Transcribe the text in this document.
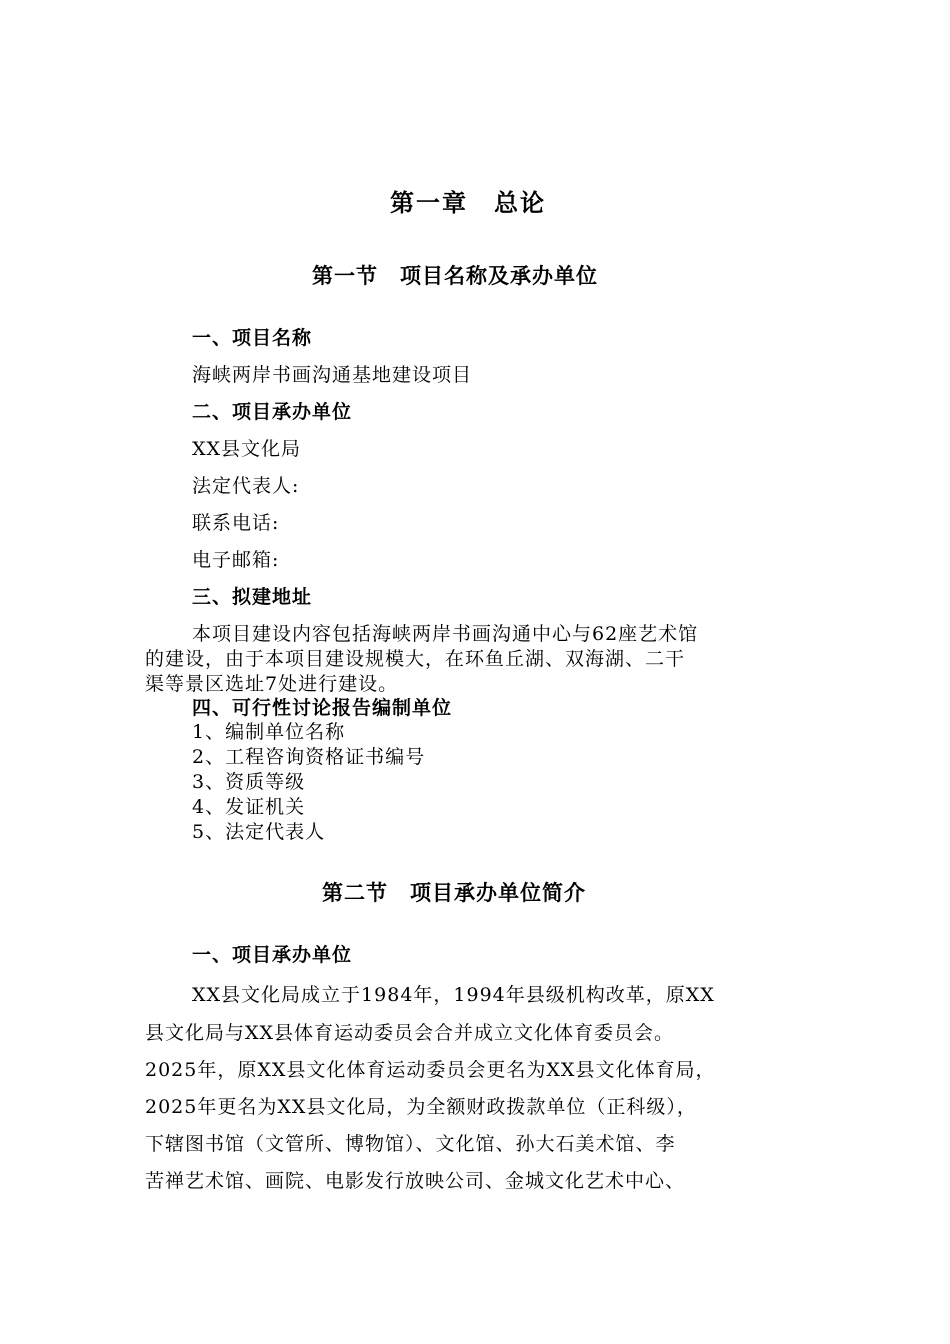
第一章　总论
第一节　项目名称及承办单位
一、项目名称
海峡两岸书画沟通基地建设项目
二、项目承办单位
XX县文化局
法定代表人:
联系电话:
电子邮箱:
三、拟建地址
本项目建设内容包括海峡两岸书画沟通中心与62座艺术馆
的建设，由于本项目建设规模大，在环鱼丘湖、双海湖、二干
渠等景区选址7处进行建设。
四、可行性讨论报告编制单位
1、编制单位名称
2、工程咨询资格证书编号
3、资质等级
4、发证机关
5、法定代表人
第二节　项目承办单位简介
一、项目承办单位
XX县文化局成立于1984年，1994年县级机构改革，原XX
县文化局与XX县体育运动委员会合并成立文化体育委员会。
2025年，原XX县文化体育运动委员会更名为XX县文化体育局，
2025年更名为XX县文化局，为全额财政拨款单位（正科级），
下辖图书馆（文管所、博物馆）、文化馆、孙大石美术馆、李
苦禅艺术馆、画院、电影发行放映公司、金城文化艺术中心、
